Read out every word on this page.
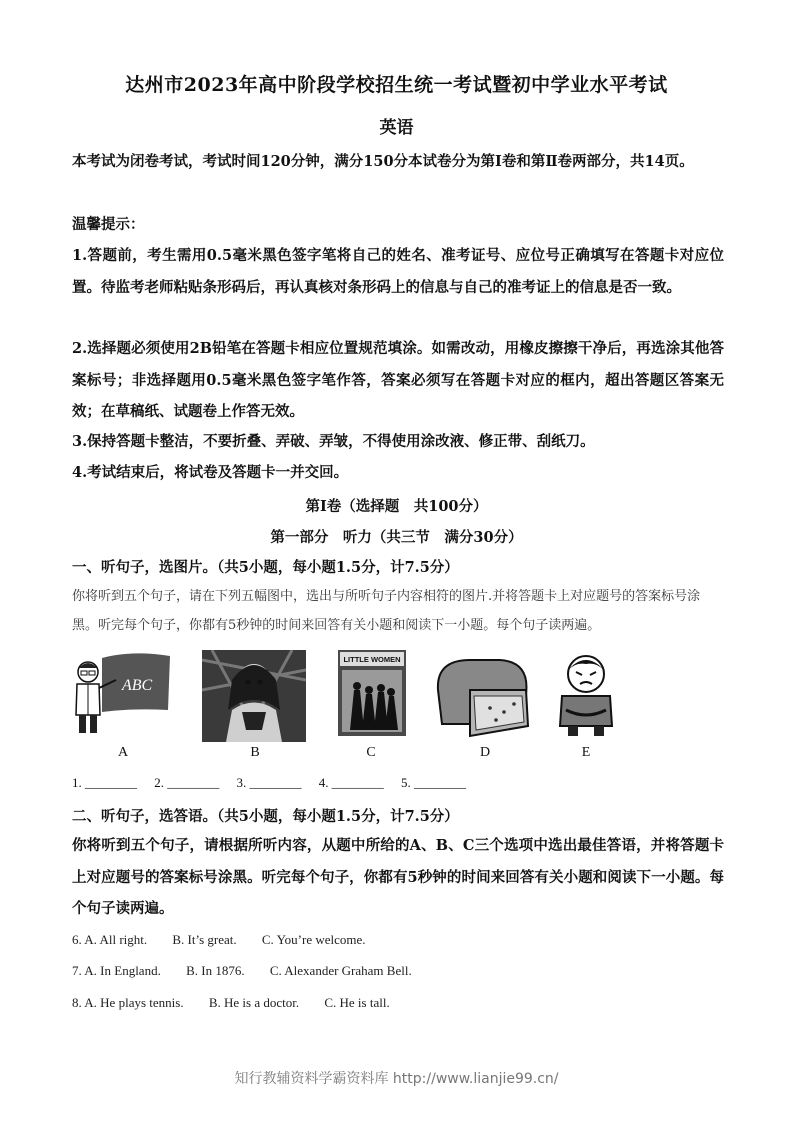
达州市2023年高中阶段学校招生统一考试暨初中学业水平考试
英语
本考试为闭卷考试，考试时间120分钟，满分150分本试卷分为第Ⅰ卷和第Ⅱ卷两部分，共14页。
温馨提示：
1.答题前，考生需用0.5毫米黑色签字笔将自己的姓名、准考证号、应位号正确填写在答题卡对应位置。待监考老师粘贴条形码后，再认真核对条形码上的信息与自己的准考证上的信息是否一致。
2.选择题必须使用2B铅笔在答题卡相应位置规范填涂。如需改动，用橡皮擦擦干净后，再选涂其他答案标号；非选择题用0.5毫米黑色签字笔作答，答案必须写在答题卡对应的框内，超出答题区答案无效；在草稿纸、试题卷上作答无效。
3.保持答题卡整洁，不要折叠、弄破、弄皱，不得使用涂改液、修正带、刮纸刀。
4.考试结束后，将试卷及答题卡一并交回。
第Ⅰ卷（选择题　共100分）
第一部分　听力（共三节　满分30分）
一、听句子，选图片。（共5小题，每小题1.5分，计7.5分）
你将听到五个句子，请在下列五幅图中，选出与所听句子内容相符的图片.并将答题卡上对应题号的答案标号涂黑。听完每个句子，你都有5秒钟的时间来回答有关小题和阅读下一小题。每个句子读两遍。
ABC
A	B
LITTLE WOMEN
C	D	E
1. ________ 2. ________ 3. ________ 4. ________ 5. ________
二、听句子，选答语。（共5小题，每小题1.5分，计7.5分）
你将听到五个句子，请根据所听内容，从题中所给的A、B、C三个选项中选出最佳答语，并将答题卡上对应题号的答案标号涂黑。听完每个句子，你都有5秒钟的时间来回答有关小题和阅读下一小题。每个句子读两遍。
6. A. All right. B. It’s great. C. You’re welcome.
7. A. In England. B. In 1876. C. Alexander Graham Bell.
8. A. He plays tennis. B. He is a doctor. C. He is tall.
知行教辅资料学霸资料库 http://www.lianjie99.cn/
